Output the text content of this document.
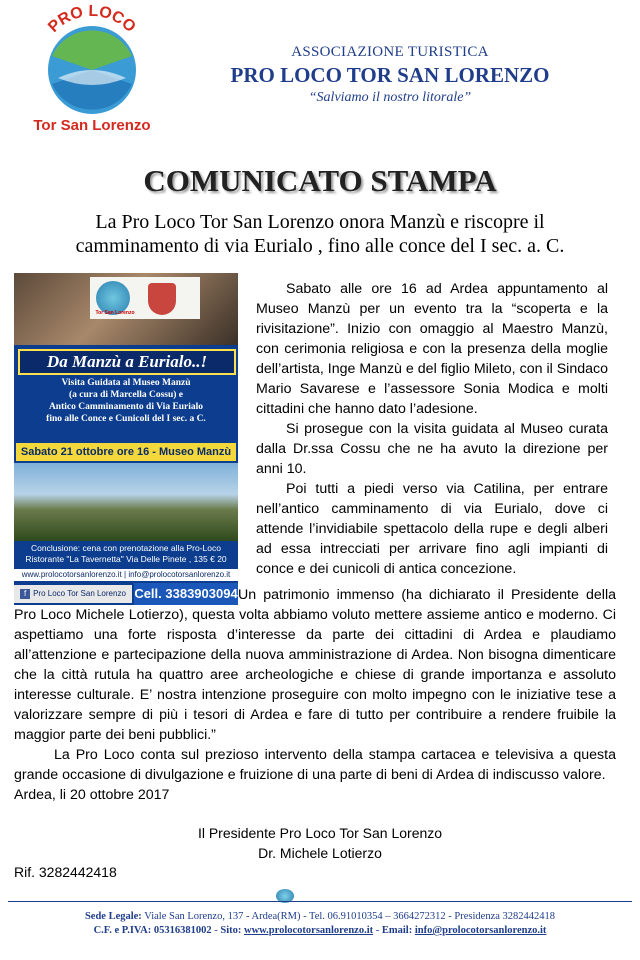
PRO LOCO
Tor San Lorenzo
ASSOCIAZIONE TURISTICA
PRO LOCO TOR SAN LORENZO
“Salviamo il nostro litorale”
COMUNICATO STAMPA
La Pro Loco Tor San Lorenzo onora Manzù e riscopre il
camminamento di via Eurialo , fino alle conce del I sec. a. C.
Tor San Lorenzo
Da Manzù a Eurialo..!
Visita Guidata al Museo Manzù
(a cura di Marcella Cossu) e
Antico Camminamento di Via Eurialo
fino alle Conce e Cunicoli del I sec. a C.
Sabato 21 ottobre ore 16 - Museo Manzù
Conclusione: cena con prenotazione alla Pro-Loco
Ristorante "La Tavernetta" Via Delle Pinete , 135 € 20
www.prolocotorsanlorenzo.it | info@prolocotorsanlorenzo.it
f Pro Loco Tor San Lorenzo Cell. 3383903094

Sabato alle ore 16 ad Ardea appuntamento al Museo Manzù per un evento tra la “scoperta e la rivisitazione”. Inizio con omaggio al Maestro Manzù, con cerimonia religiosa e con la presenza della moglie dell’artista, Inge Manzù e del figlio Mileto, con il Sindaco Mario Savarese e l’assessore Sonia Modica e molti cittadini che hanno dato l’adesione.

Si prosegue con la visita guidata al Museo curata dalla Dr.ssa Cossu che ne ha avuto la direzione per anni 10.

Poi tutti a piedi verso via Catilina, per entrare nell’antico camminamento di via Eurialo, dove ci attende l’invidiabile spettacolo della rupe e degli alberi ad essa intrecciati per arrivare fino agli impianti di conce e dei cunicoli di antica concezione.

Un patrimonio immenso (ha dichiarato il Presidente della Pro Loco Michele Lotierzo), questa volta abbiamo voluto mettere assieme antico e moderno. Ci aspettiamo una forte risposta d’interesse da parte dei cittadini di Ardea e plaudiamo all’attenzione e partecipazione della nuova amministrazione di Ardea. Non bisogna dimenticare che la città rutula ha quattro aree archeologiche e chiese di grande importanza e assoluto interesse culturale. E’ nostra intenzione proseguire con molto impegno con le iniziative tese a valorizzare sempre di più i tesori di Ardea e fare di tutto per contribuire a rendere fruibile la maggior parte dei beni pubblici.”

La Pro Loco conta sul prezioso intervento della stampa cartacea e televisiva a questa grande occasione di divulgazione e fruizione di una parte di beni di Ardea di indiscusso valore.

Ardea, li 20 ottobre 2017

Il Presidente Pro Loco Tor San Lorenzo
Dr. Michele Lotierzo
Rif. 3282442418
Sede Legale: Viale San Lorenzo, 137 - Ardea(RM) - Tel. 06.91010354 – 3664272312 - Presidenza 3282442418
C.F. e P.IVA: 05316381002 - Sito: www.prolocotorsanlorenzo.it - Email: info@prolocotorsanlorenzo.it
